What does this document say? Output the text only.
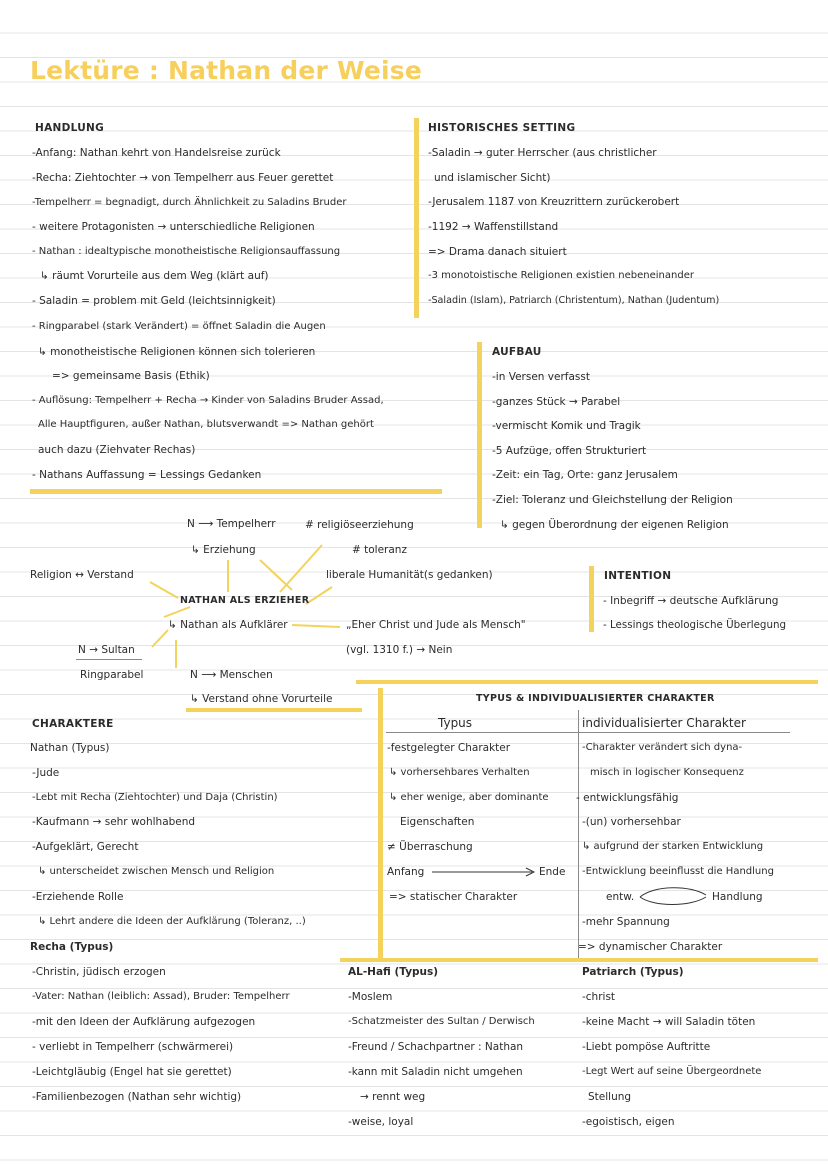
Lektüre : Nathan der Weise
HANDLUNG
-Anfang: Nathan kehrt von Handelsreise zurück
-Recha: Ziehtochter → von Tempelherr aus Feuer gerettet
-Tempelherr = begnadigt, durch Ähnlichkeit zu Saladins Bruder
- weitere Protagonisten → unterschiedliche Religionen
- Nathan : idealtypische monotheistische Religionsauffassung
↳ räumt Vorurteile aus dem Weg (klärt auf)
- Saladin = problem mit Geld (leichtsinnigkeit)
- Ringparabel (stark Verändert) = öffnet Saladin die Augen
↳ monotheistische Religionen können sich tolerieren
=> gemeinsame Basis (Ethik)
- Auflösung: Tempelherr + Recha → Kinder von Saladins Bruder Assad,
Alle Hauptfiguren, außer Nathan, blutsverwandt => Nathan gehört
auch dazu (Ziehvater Rechas)
- Nathans Auffassung = Lessings Gedanken
HISTORISCHES SETTING
-Saladin → guter Herrscher (aus christlicher
und islamischer Sicht)
-Jerusalem 1187 von Kreuzrittern zurückerobert
-1192 → Waffenstillstand
=> Drama danach situiert
-3 monotoistische Religionen existien nebeneinander
-Saladin (Islam), Patriarch (Christentum), Nathan (Judentum)
AUFBAU
-in Versen verfasst
-ganzes Stück → Parabel
-vermischt Komik und Tragik
-5 Aufzüge, offen Strukturiert
-Zeit: ein Tag, Orte: ganz Jerusalem
-Ziel: Toleranz und Gleichstellung der Religion
↳ gegen Überordnung der eigenen Religion
N ⟶ Tempelherr	# religiöseerziehung
↳ Erziehung	# toleranz
Religion ↔ Verstand	liberale Humanität(s gedanken)
NATHAN ALS ERZIEHER
↳ Nathan als Aufklärer	„Eher Christ und Jude als Mensch"
(vgl. 1310 f.) → Nein
N → Sultan
Ringparabel	N ⟶ Menschen
↳ Verstand ohne Vorurteile
INTENTION
- Inbegriff → deutsche Aufklärung
- Lessings theologische Überlegung
TYPUS & INDIVIDUALISIERTER CHARAKTER
Typus	individualisierter Charakter
-festgelegter Charakter
↳ vorhersehbares Verhalten
↳ eher wenige, aber dominante
Eigenschaften
≠ Überraschung
Anfang	Ende
=> statischer Charakter
-Charakter verändert sich dyna-
misch in logischer Konsequenz
- entwicklungsfähig
-(un) vorhersehbar
↳ aufgrund der starken Entwicklung
-Entwicklung beeinflusst die Handlung
entw.	Handlung
-mehr Spannung
=> dynamischer Charakter
CHARAKTERE
Nathan (Typus)
-Jude
-Lebt mit Recha (Ziehtochter) und Daja (Christin)
-Kaufmann → sehr wohlhabend
-Aufgeklärt, Gerecht
↳ unterscheidet zwischen Mensch und Religion
-Erziehende Rolle
↳ Lehrt andere die Ideen der Aufklärung (Toleranz, ..)
Recha (Typus)
-Christin, jüdisch erzogen
-Vater: Nathan (leiblich: Assad), Bruder: Tempelherr
-mit den Ideen der Aufklärung aufgezogen
- verliebt in Tempelherr (schwärmerei)
-Leichtgläubig (Engel hat sie gerettet)
-Familienbezogen (Nathan sehr wichtig)
AL-Hafi (Typus)
-Moslem
-Schatzmeister des Sultan / Derwisch
-Freund / Schachpartner : Nathan
-kann mit Saladin nicht umgehen
→ rennt weg
-weise, loyal
Patriarch (Typus)
-christ
-keine Macht → will Saladin töten
-Liebt pompöse Auftritte
-Legt Wert auf seine Übergeordnete
Stellung
-egoistisch, eigen
